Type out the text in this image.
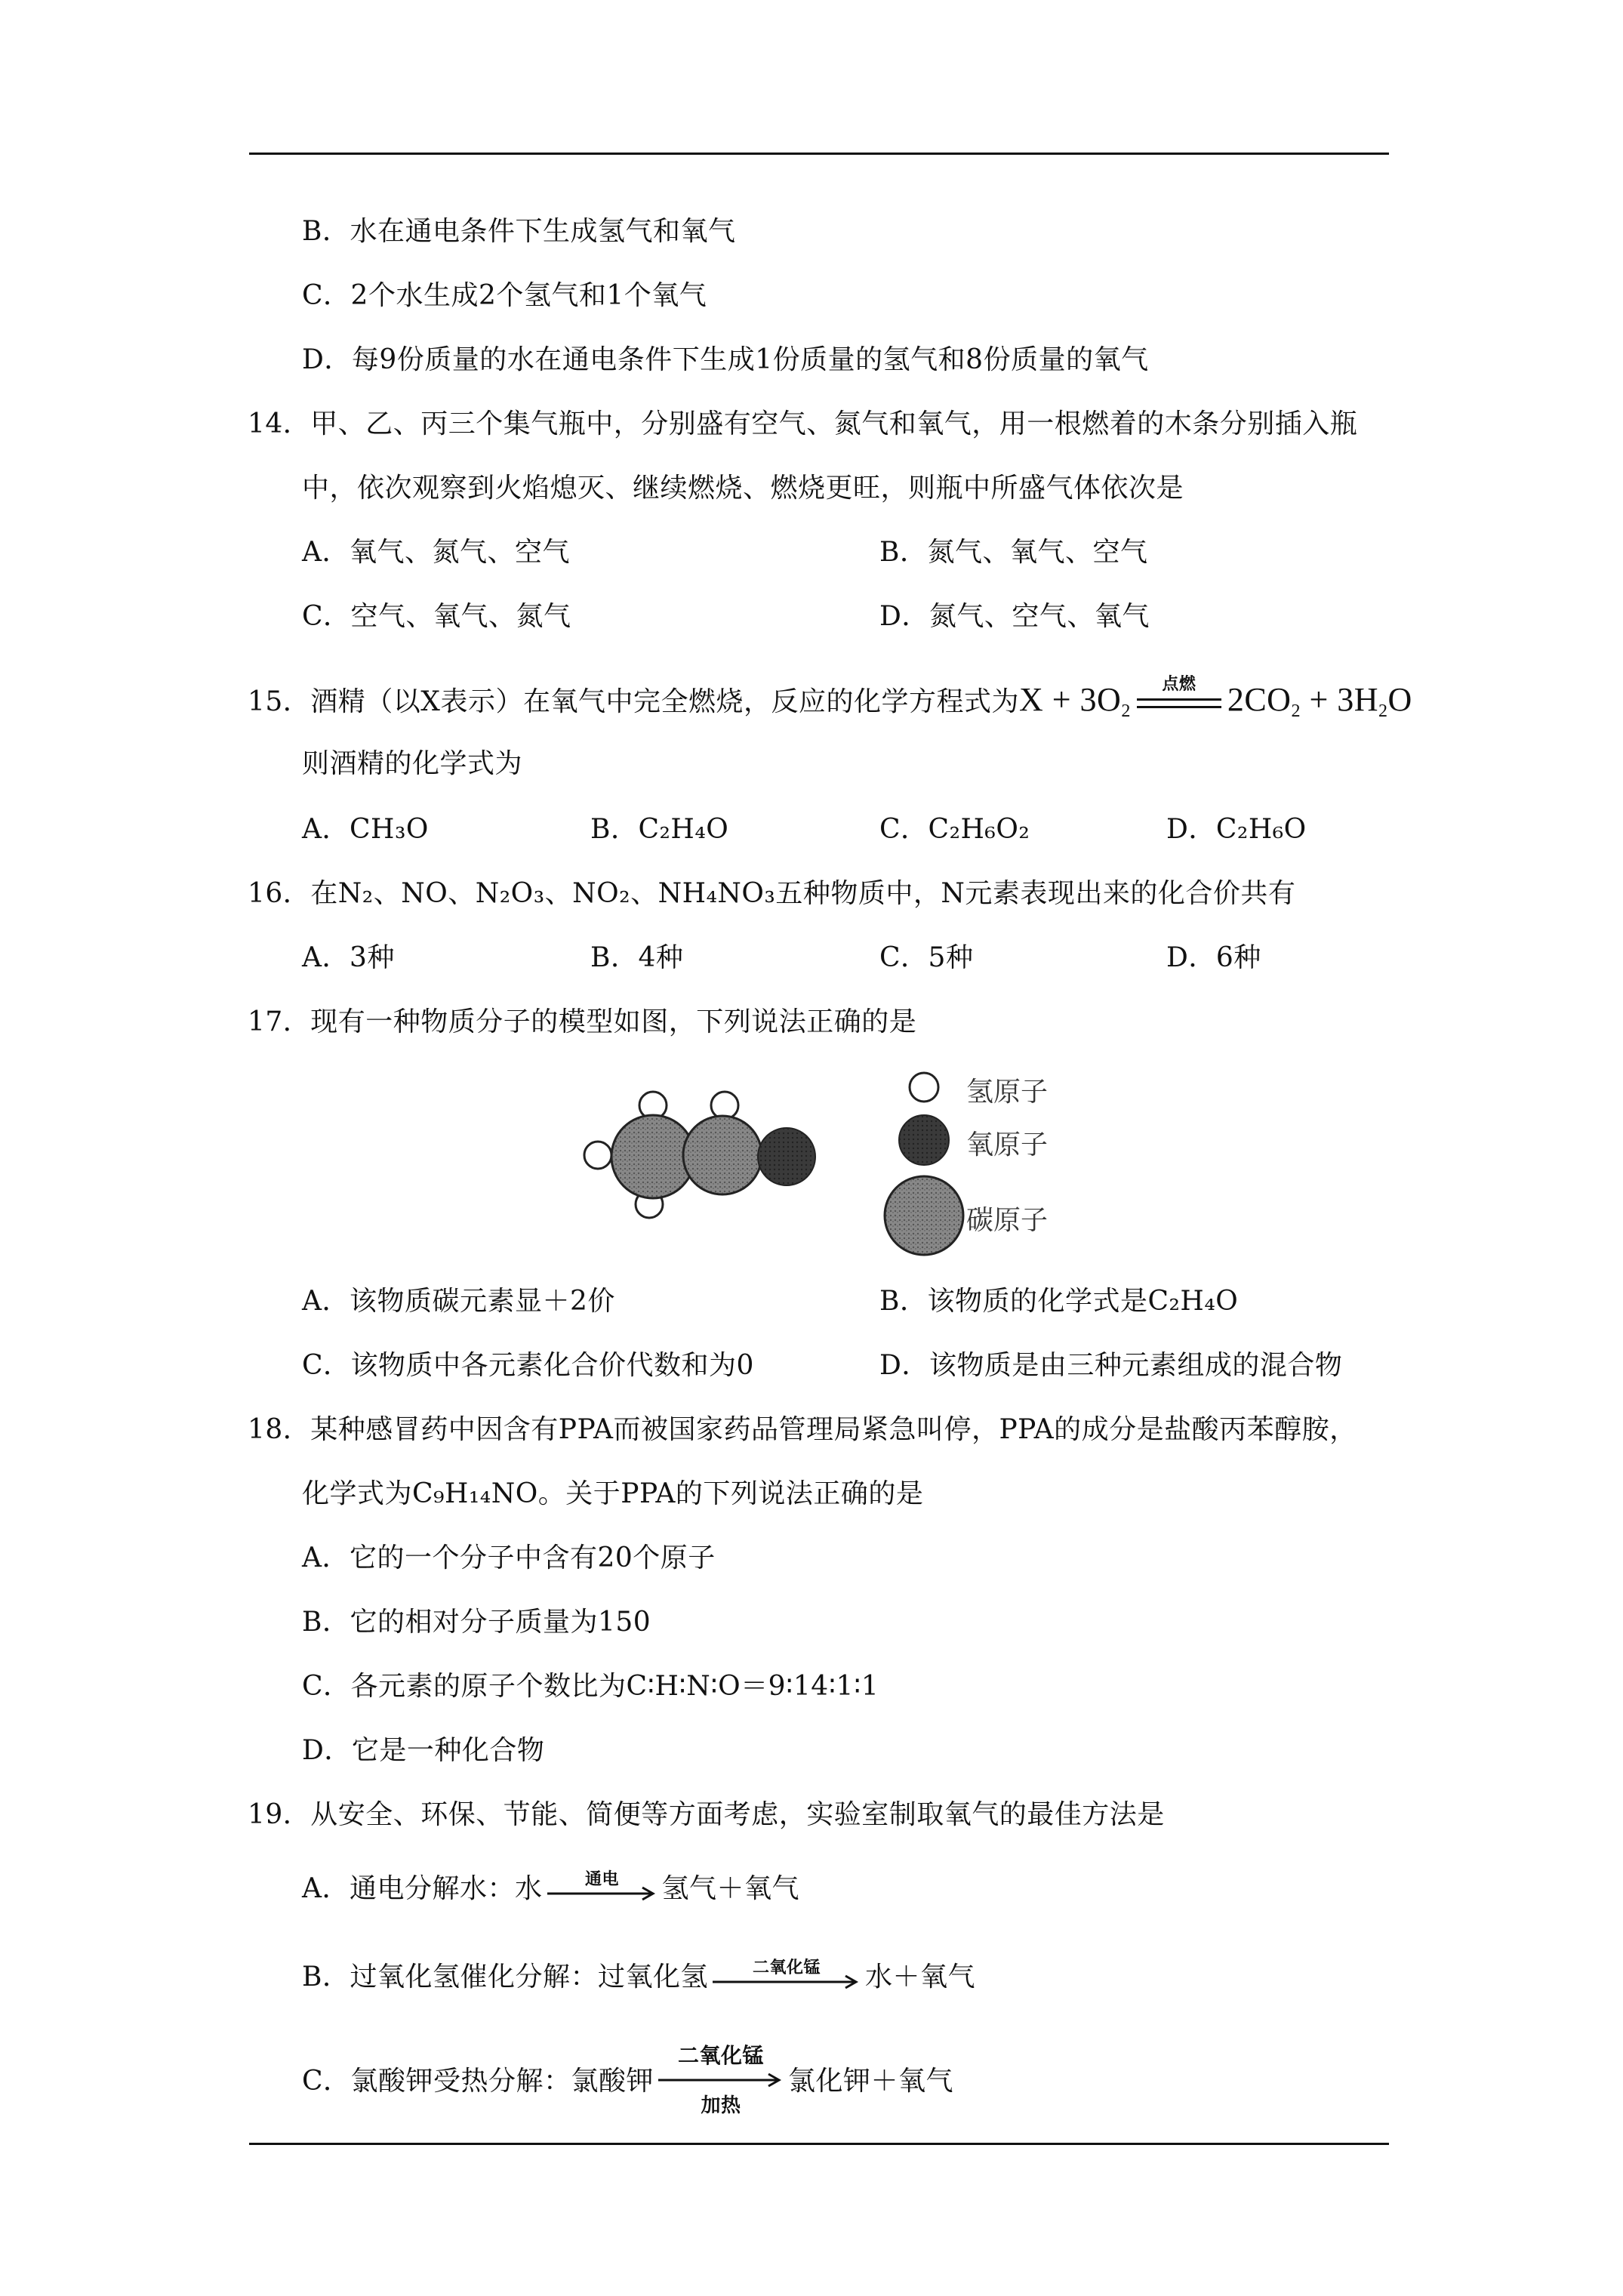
B．水在通电条件下生成氢气和氧气
C．2个水生成2个氢气和1个氧气
D．每9份质量的水在通电条件下生成1份质量的氢气和8份质量的氧气
14．甲、乙、丙三个集气瓶中，分别盛有空气、氮气和氧气，用一根燃着的木条分别插入瓶
中，依次观察到火焰熄灭、继续燃烧、燃烧更旺，则瓶中所盛气体依次是
A．氧气、氮气、空气	B．氮气、氧气、空气
C．空气、氧气、氮气	D．氮气、空气、氧气
15．酒精（以X表示）在氧气中完全燃烧，反应的化学方程式为$X + 3O_2$
点燃 $2CO_2 + 3H_2O$
则酒精的化学式为
A．CH₃O	B．C₂H₄O	C．C₂H₆O₂	D．C₂H₆O
16．在N₂、NO、N₂O₃、NO₂、NH₄NO₃五种物质中，N元素表现出来的化合价共有
A．3种	B．4种	C．5种	D．6种
17．现有一种物质分子的模型如图，下列说法正确的是
氢原子
氧原子
碳原子
A．该物质碳元素显＋2价	B．该物质的化学式是C₂H₄O
C．该物质中各元素化合价代数和为0	D．该物质是由三种元素组成的混合物
18．某种感冒药中因含有PPA而被国家药品管理局紧急叫停，PPA的成分是盐酸丙苯醇胺，
化学式为C₉H₁₄NO。关于PPA的下列说法正确的是
A．它的一个分子中含有20个原子
B．它的相对分子质量为150
C．各元素的原子个数比为C∶H∶N∶O＝9∶14∶1∶1
D．它是一种化合物
19．从安全、环保、节能、简便等方面考虑，实验室制取氧气的最佳方法是
A．通电分解水：水	通电	氢气＋氧气
B．过氧化氢催化分解：过氧化氢	二氧化锰	水＋氧气
C．氯酸钾受热分解：氯酸钾
二氧化锰
加热
氯化钾＋氧气
